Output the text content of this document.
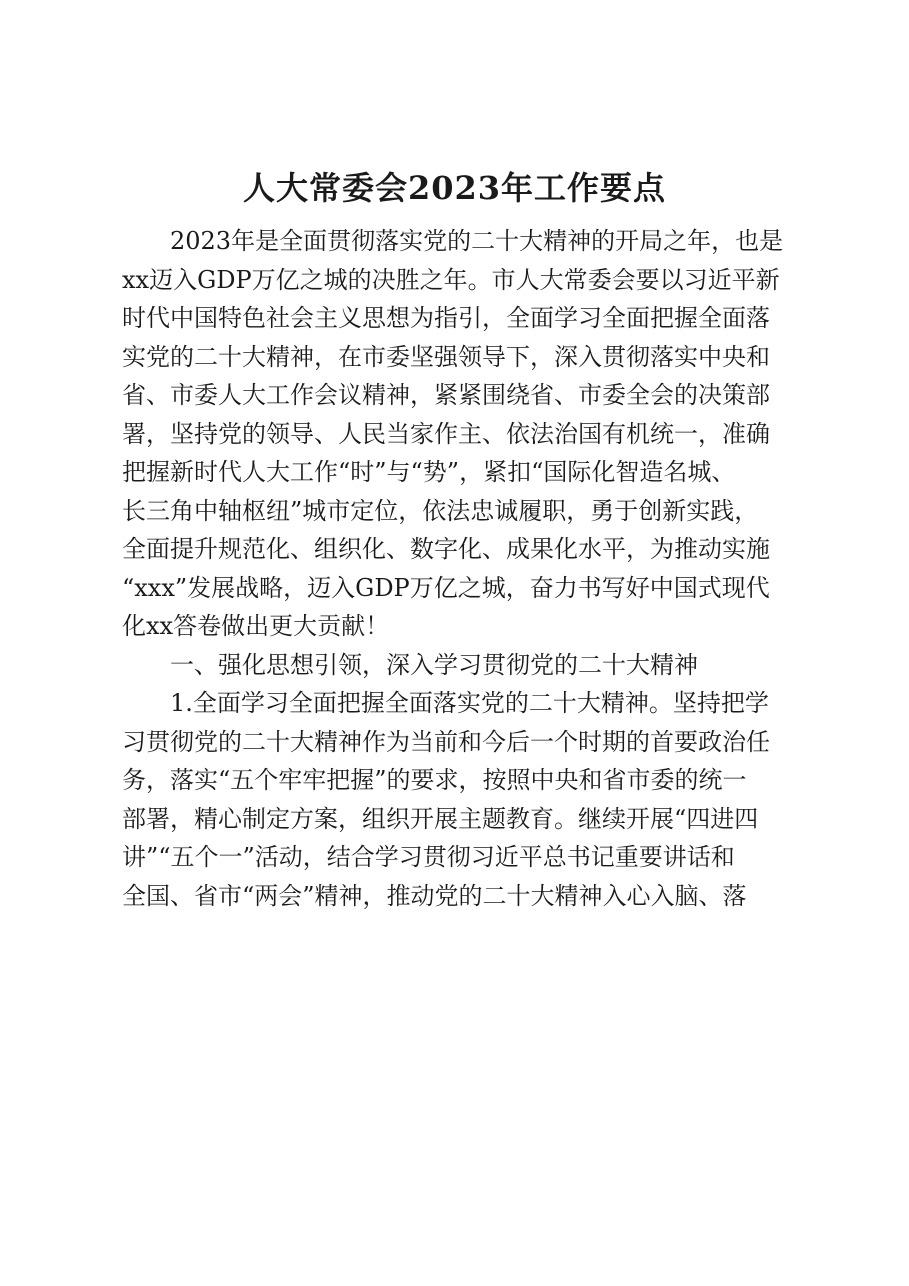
人大常委会2023年工作要点
2023年是全面贯彻落实党的二十大精神的开局之年，也是
xx迈入GDP万亿之城的决胜之年。市人大常委会要以习近平新
时代中国特色社会主义思想为指引，全面学习全面把握全面落
实党的二十大精神，在市委坚强领导下，深入贯彻落实中央和
省、市委人大工作会议精神，紧紧围绕省、市委全会的决策部
署，坚持党的领导、人民当家作主、依法治国有机统一，准确
把握新时代人大工作“时”与“势”，紧扣“国际化智造名城、
长三角中轴枢纽”城市定位，依法忠诚履职，勇于创新实践，
全面提升规范化、组织化、数字化、成果化水平，为推动实施
“xxx”发展战略，迈入GDP万亿之城，奋力书写好中国式现代
化xx答卷做出更大贡献！
一、强化思想引领，深入学习贯彻党的二十大精神
1.全面学习全面把握全面落实党的二十大精神。坚持把学
习贯彻党的二十大精神作为当前和今后一个时期的首要政治任
务，落实“五个牢牢把握”的要求，按照中央和省市委的统一
部署，精心制定方案，组织开展主题教育。继续开展“四进四
讲”“五个一”活动，结合学习贯彻习近平总书记重要讲话和
全国、省市“两会”精神，推动党的二十大精神入心入脑、落
